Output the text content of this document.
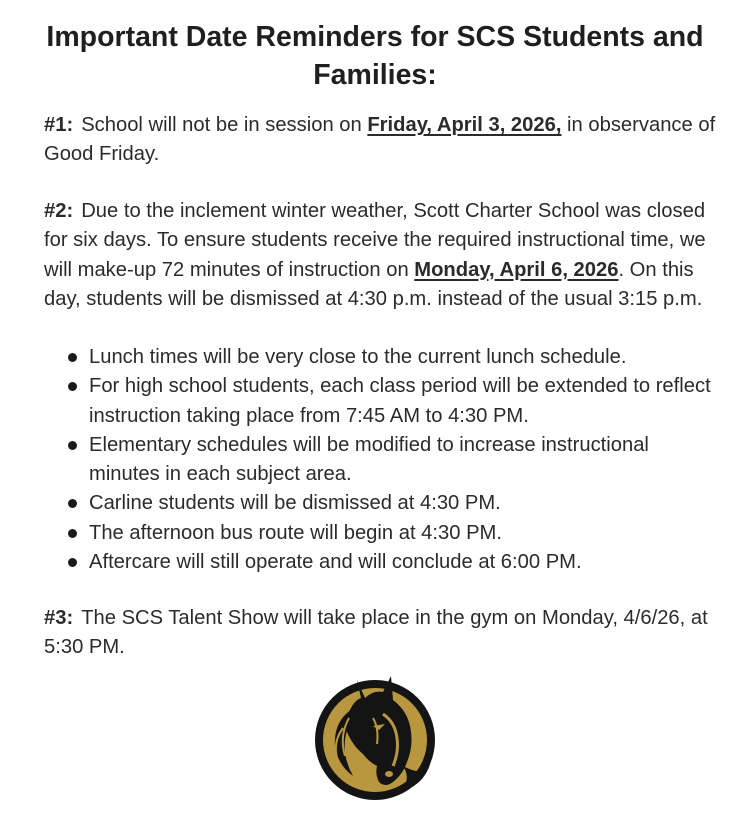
Important Date Reminders for SCS Students and Families:

#1: School will not be in session on Friday, April 3, 2026, in observance of Good Friday.

#2: Due to the inclement winter weather, Scott Charter School was closed for six days. To ensure students receive the required instructional time, we will make-up 72 minutes of instruction on Monday, April 6, 2026. On this day, students will be dismissed at 4:30 p.m. instead of the usual 3:15 p.m.

Lunch times will be very close to the current lunch schedule.
For high school students, each class period will be extended to reflect instruction taking place from 7:45 AM to 4:30 PM.
Elementary schedules will be modified to increase instructional minutes in each subject area.
Carline students will be dismissed at 4:30 PM.
The afternoon bus route will begin at 4:30 PM.
Aftercare will still operate and will conclude at 6:00 PM.

#3: The SCS Talent Show will take place in the gym on Monday, 4/6/26, at 5:30 PM.
